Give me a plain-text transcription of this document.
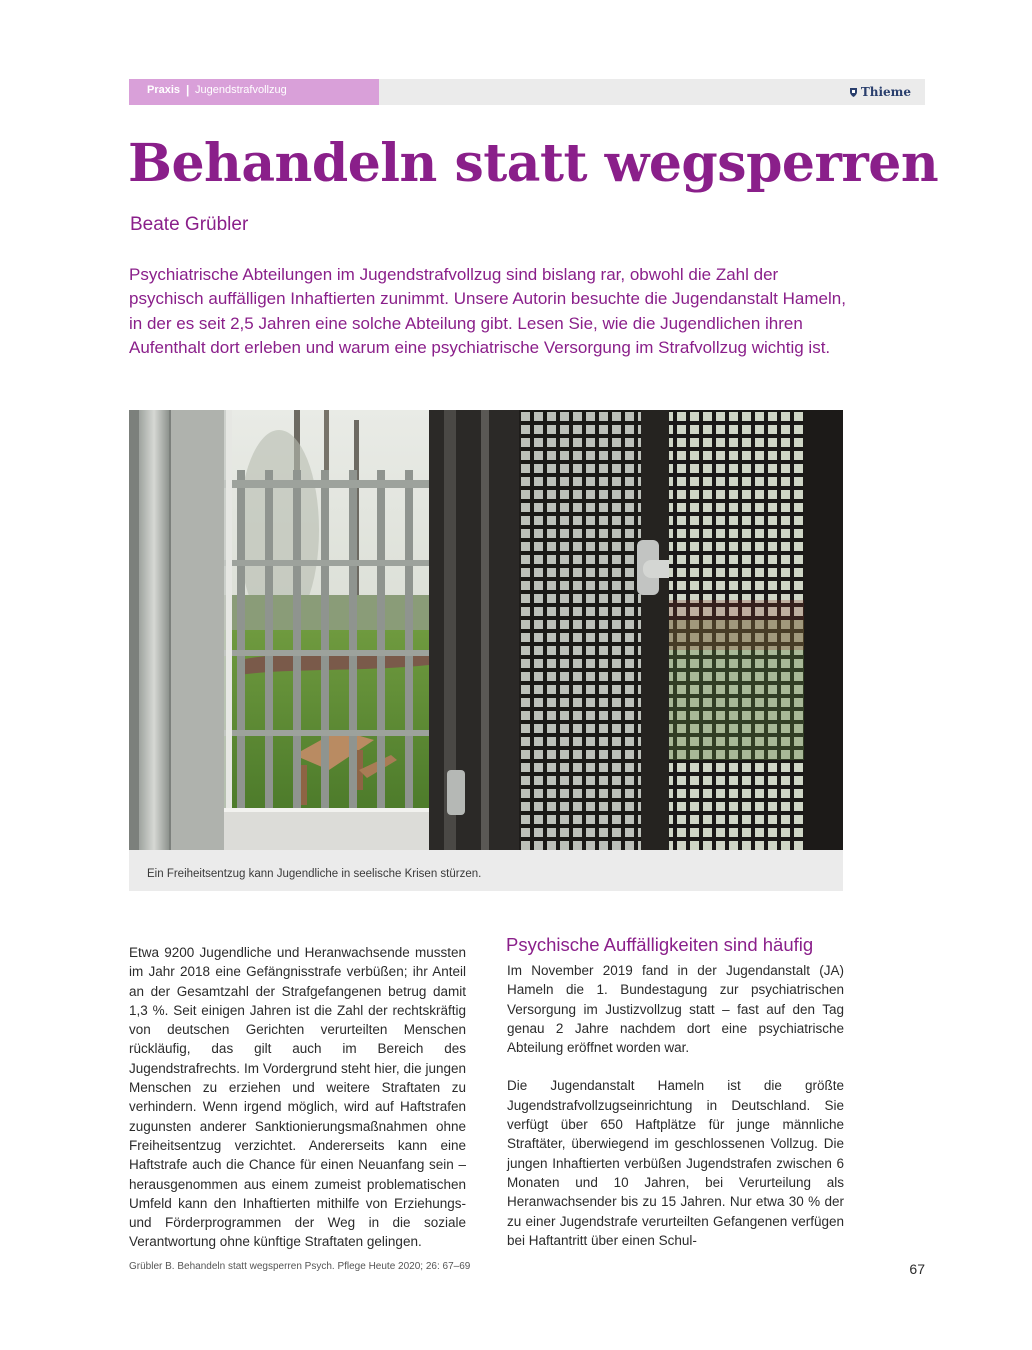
Praxis | Jugendstrafvollzug	Thieme
Behandeln statt wegsperren
Beate Grübler

Psychiatrische Abteilungen im Jugendstrafvollzug sind bislang rar, obwohl die Zahl der psychisch auffälligen Inhaftierten zunimmt. Unsere Autorin besuchte die Jugendanstalt Hameln, in der es seit 2,5 Jahren eine solche Abteilung gibt. Lesen Sie, wie die Jugendlichen ihren Aufenthalt dort erleben und warum eine psychiatrische Versorgung im Strafvollzug wichtig ist.

Ein Freiheitsentzug kann Jugendliche in seelische Krisen stürzen.

Etwa 9200 Jugendliche und Heranwachsende mussten im Jahr 2018 eine Gefängnisstrafe verbüßen; ihr Anteil an der Gesamtzahl der Strafgefangenen betrug damit 1,3 %. Seit einigen Jahren ist die Zahl der rechtskräftig von deutschen Gerichten verurteilten Menschen rückläufig, das gilt auch im Bereich des Jugendstrafrechts. Im Vordergrund steht hier, die jungen Menschen zu erziehen und weitere Straftaten zu verhindern. Wenn irgend möglich, wird auf Haftstrafen zugunsten anderer Sanktionierungsmaßnahmen ohne Freiheitsentzug verzichtet. Andererseits kann eine Haftstrafe auch die Chance für einen Neuanfang sein – herausgenommen aus einem zumeist problematischen Umfeld kann den Inhaftierten mithilfe von Erziehungs- und Förderprogrammen der Weg in die soziale Verantwortung ohne künftige Straftaten gelingen.

Psychische Auffälligkeiten sind häufig

Im November 2019 fand in der Jugendanstalt (JA) Hameln die 1. Bundestagung zur psychiatrischen Versorgung im Justizvollzug statt – fast auf den Tag genau 2 Jahre nachdem dort eine psychiatrische Abteilung eröffnet worden war.

Die Jugendanstalt Hameln ist die größte Jugendstrafvollzugseinrichtung in Deutschland. Sie verfügt über 650 Haftplätze für junge männliche Straftäter, überwiegend im geschlossenen Vollzug. Die jungen Inhaftierten verbüßen Jugendstrafen zwischen 6 Monaten und 10 Jahren, bei Verurteilung als Heranwachsender bis zu 15 Jahren. Nur etwa 30 % der zu einer Jugendstrafe verurteilten Gefangenen verfügen bei Haftantritt über einen Schul-

Grübler B. Behandeln statt wegsperren Psych. Pflege Heute 2020; 26: 67–69	67
